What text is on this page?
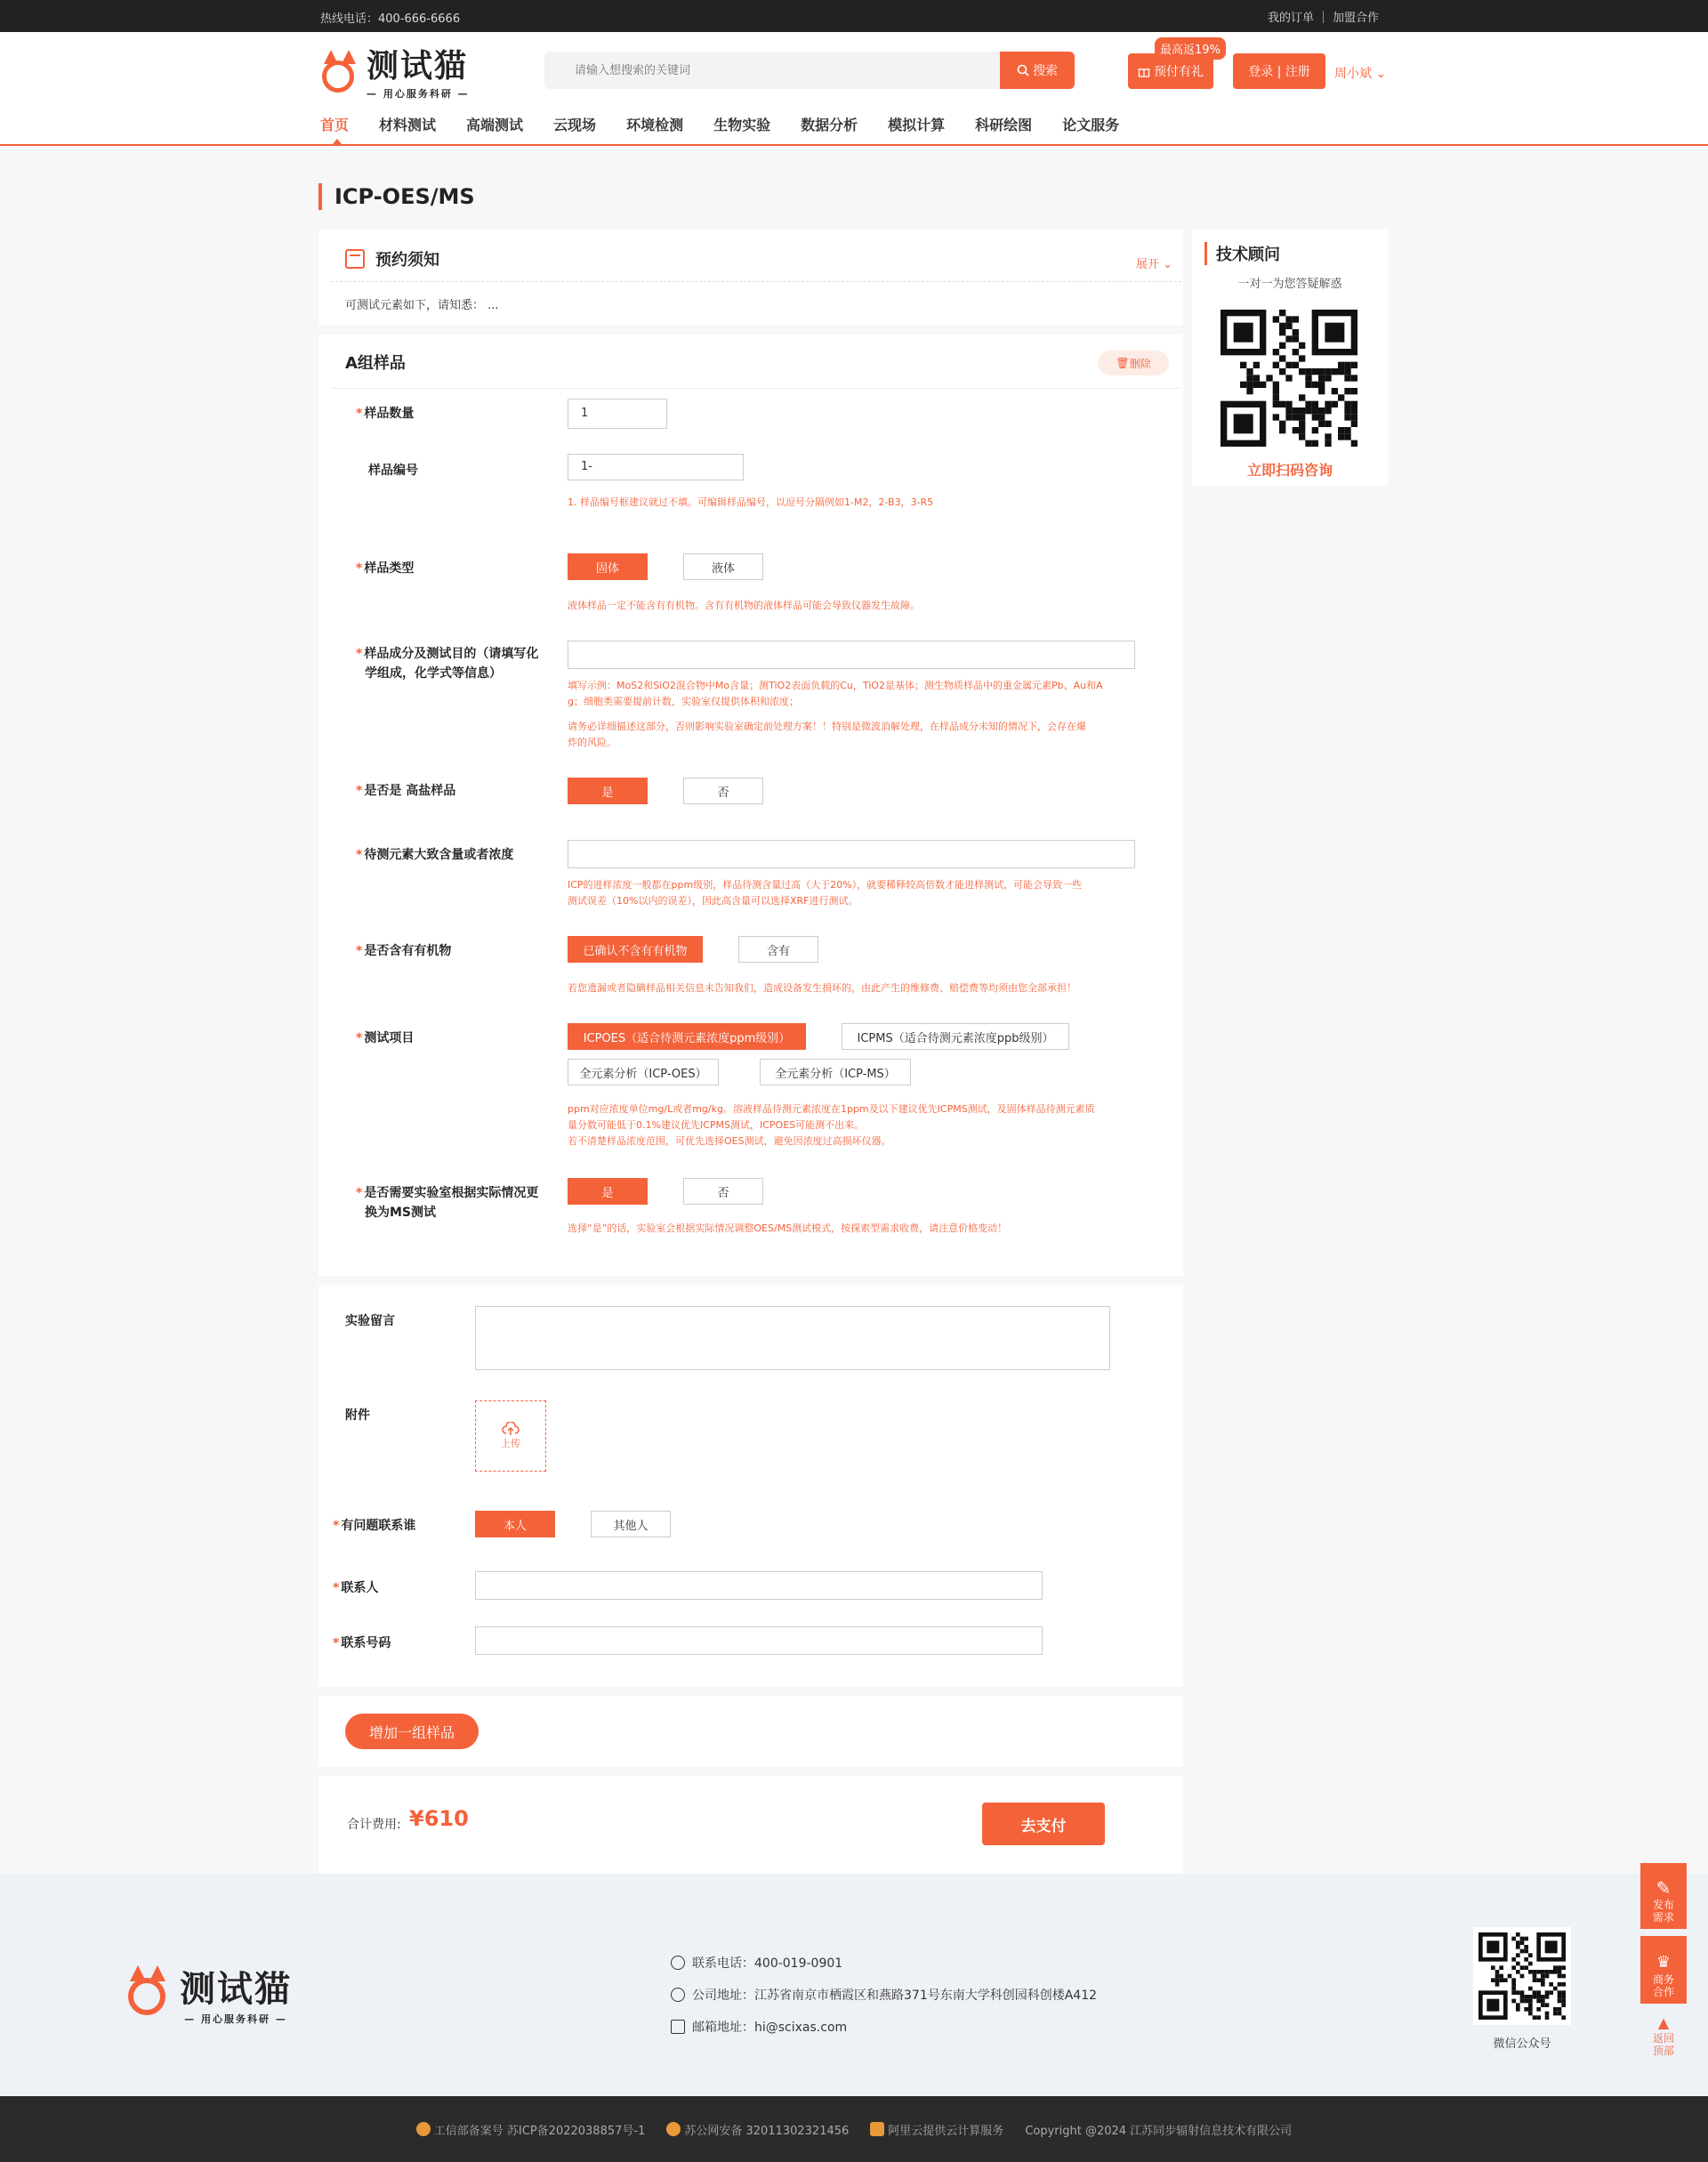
热线电话：400-666-6666	我的订单 加盟合作
测试猫
— 用心服务科研 —
请输入想搜索的关键词
搜索	预付有礼
最高返19%
登录 | 注册	周小斌 ⌄
首页 材料测试 高端测试 云现场 环境检测 生物实验 数据分析 模拟计算 科研绘图 论文服务
ICP-OES/MS
预约须知	展开 ⌄
可测试元素如下，请知悉： ...
A组样品	🗑 删除
* 样品数量	1
样品编号	1-
1. 样品编号框建议就过不填。可编辑样品编号，以逗号分隔例如1-M2，2-B3，3-R5
* 样品类型	固体	液体
液体样品一定不能含有有机物。含有有机物的液体样品可能会导致仪器发生故障。
* 样品成分及测试目的（请填写化
学组成，化学式等信息）
填写示例：MoS2和SiO2混合物中Mo含量；测TiO2表面负载的Cu，TiO2是基体；测生物质样品中的重金属元素Pb、Au和A
g；细胞类需要提前计数，实验室仅提供体积和浓度；
请务必详细描述这部分，否则影响实验室确定前处理方案！！特别是微波消解处理，在样品成分未知的情况下，会存在爆
炸的风险。
* 是否是 高盐样品	是	否
* 待测元素大致含量或者浓度
ICP的进样浓度一般都在ppm级别，样品待测含量过高（大于20%），就要稀释较高倍数才能进样测试，可能会导致一些
测试误差（10%以内的误差），因此高含量可以选择XRF进行测试。
* 是否含有有机物	已确认不含有有机物	含有
若您遗漏或者隐瞒样品相关信息未告知我们，造成设备发生损坏的，由此产生的维修费、赔偿费等均须由您全部承担！
* 测试项目	ICPOES（适合待测元素浓度ppm级别）	ICPMS（适合待测元素浓度ppb级别）
全元素分析（ICP-OES）	全元素分析（ICP-MS）
ppm对应浓度单位mg/L或者mg/kg。溶液样品待测元素浓度在1ppm及以下建议优先ICPMS测试，及固体样品待测元素质
量分数可能低于0.1%建议优先ICPMS测试，ICPOES可能测不出来。
若不清楚样品浓度范围，可优先选择OES测试，避免因浓度过高损坏仪器。
* 是否需要实验室根据实际情况更
换为MS测试
是	否
选择“是”的话，实验室会根据实际情况调整OES/MS测试模式，按探索型需求收费，请注意价格变动！
实验留言
附件
上传
* 有问题联系谁	本人	其他人
* 联系人
* 联系号码
增加一组样品
合计费用: ¥610	去支付
技术顾问
一对一为您答疑解惑
立即扫码咨询
测试猫
— 用心服务科研 —
联系电话：400-019-0901
公司地址：江苏省南京市栖霞区和燕路371号东南大学科创园科创楼A412
邮箱地址：hi@scixas.com
微信公众号
工信部备案号 苏ICP备2022038857号-1	苏公网安备 32011302321456	阿里云提供云计算服务 Copyright @2024 江苏同步辐射信息技术有限公司
✎
发布
需求
♛
商务
合作
▲
返回
顶部
